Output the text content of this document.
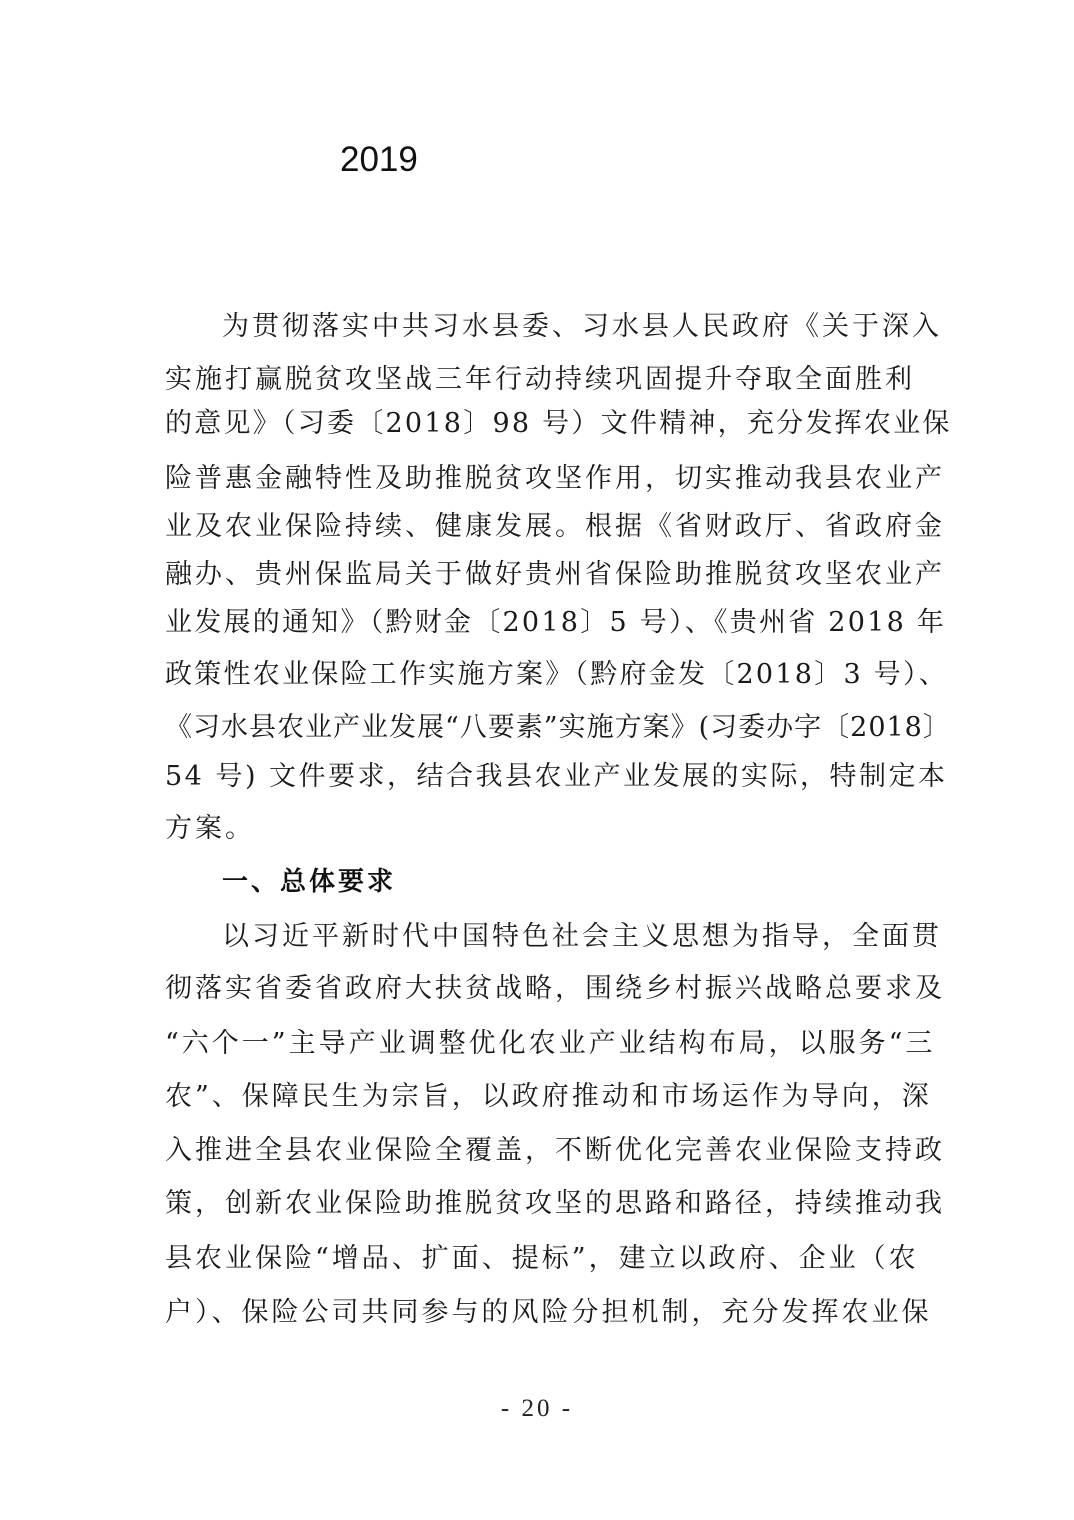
2019
为贯彻落实中共习水县委、习水县人民政府《关于深入
实施打赢脱贫攻坚战三年行动持续巩固提升夺取全面胜利
的意见》（习委〔2018〕98 号）文件精神，充分发挥农业保
险普惠金融特性及助推脱贫攻坚作用，切实推动我县农业产
业及农业保险持续、健康发展。根据《省财政厅、省政府金
融办、贵州保监局关于做好贵州省保险助推脱贫攻坚农业产
业发展的通知》（黔财金〔2018〕5 号）、《贵州省 2018 年
政策性农业保险工作实施方案》（黔府金发〔2018〕3 号）、
《习水县农业产业发展“八要素”实施方案》(习委办字〔2018〕
54 号) 文件要求，结合我县农业产业发展的实际，特制定本
方案。
一、总体要求
以习近平新时代中国特色社会主义思想为指导，全面贯
彻落实省委省政府大扶贫战略，围绕乡村振兴战略总要求及
“六个一”主导产业调整优化农业产业结构布局，以服务“三
农”、保障民生为宗旨，以政府推动和市场运作为导向，深
入推进全县农业保险全覆盖，不断优化完善农业保险支持政
策，创新农业保险助推脱贫攻坚的思路和路径，持续推动我
县农业保险“增品、扩面、提标”，建立以政府、企业（农
户）、保险公司共同参与的风险分担机制，充分发挥农业保
- 20 -
